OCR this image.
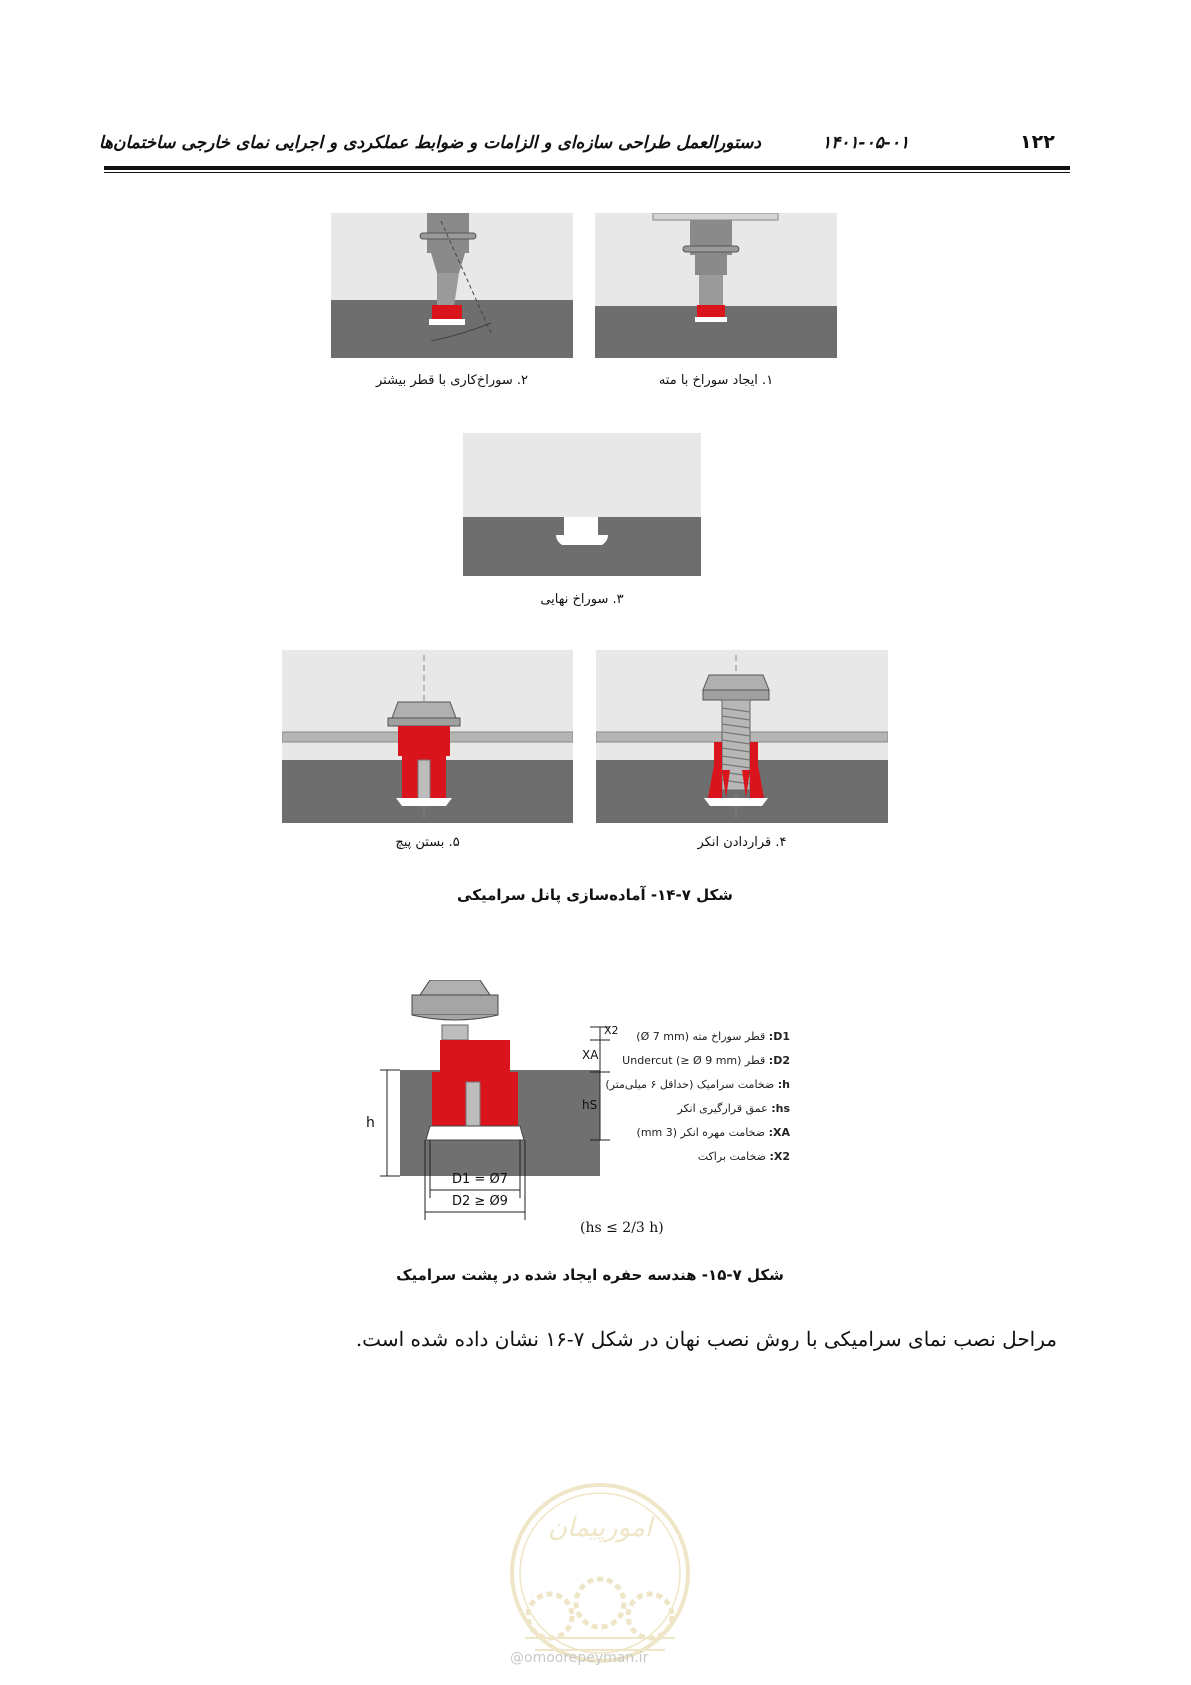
دستورالعمل طراحی سازه‌ای و الزامات و ضوابط عملکردی و اجرایی نمای خارجی ساختمان‌ها	۱۴۰۱-۰۵-۰۱	۱۲۲
۱. ایجاد سوراخ با مته
۲. سوراخ‌کاری با قطر بیشتر
۳. سوراخ نهایی
۴. قراردادن انکر
۵. بستن پیچ
شکل ۷-۱۴- آماده‌سازی پانل سرامیکی
h
hS
XA
X2
D1 = Ø7
D2 ≥ Ø9
(hs ≤ 2/3 h)
D1: قطر سوراخ مته (Ø 7 mm)
D2: قطر Undercut (≥ Ø 9 mm)
h: ضخامت سرامیک (حداقل ۶ میلی‌متر)
hs: عمق قرارگیری انکر
XA: ضخامت مهره انکر (3 mm)
X2: ضخامت براکت
شکل ۷-۱۵- هندسه حفره ایجاد شده در پشت سرامیک
مراحل نصب نمای سرامیکی با روش نصب نهان در شکل ۷-۱۶ نشان داده شده است.
امورپیمان
@omoorepeyman.ir
